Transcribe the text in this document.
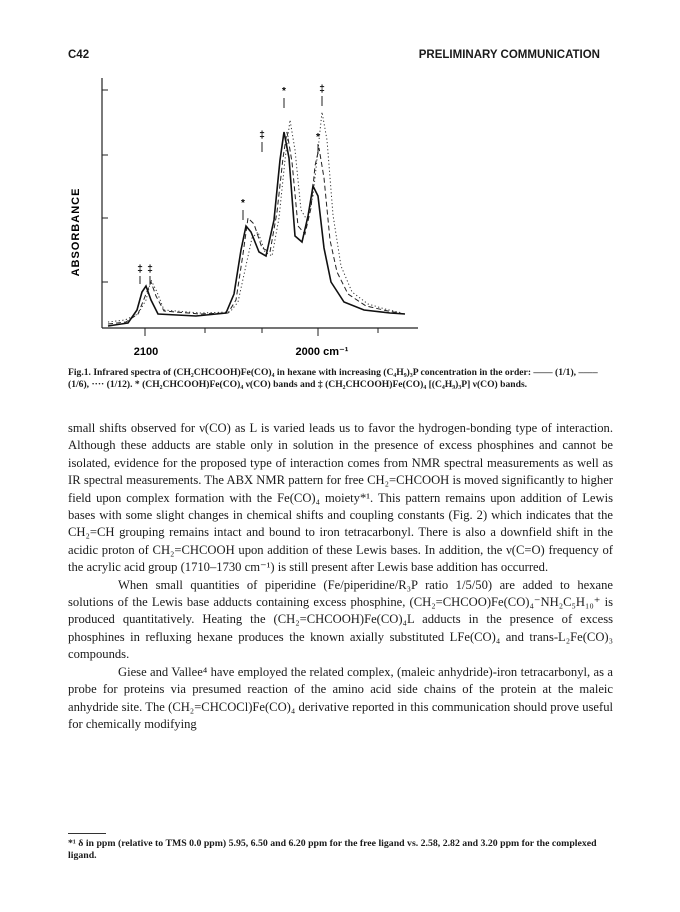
C42	PRELIMINARY COMMUNICATION
ABSORBANCE
2100	2000 cm⁻¹
*
*
*
‡ ‡
‡
‡
Fig.1. Infrared spectra of (CH₂CHCOOH)Fe(CO)₄ in hexane with increasing (C₄H₉)₃P concentration in the order: —— (1/1), –––– (1/6), ···· (1/12). * (CH₂CHCOOH)Fe(CO)₄ ν(CO) bands and ‡ (CH₂CHCOOH)Fe(CO)₄ [(C₄H₉)₃P] ν(CO) bands.

small shifts observed for ν(CO) as L is varied leads us to favor the hydrogen-bonding type of interaction. Although these adducts are stable only in solution in the presence of excess phosphines and cannot be isolated, evidence for the proposed type of interaction comes from NMR spectral measurements as well as IR spectral measurements. The ABX NMR pattern for free CH₂=CHCOOH is moved significantly to higher field upon complex formation with the Fe(CO)₄ moiety*¹. This pattern remains upon addition of Lewis bases with some slight changes in chemical shifts and coupling constants (Fig. 2) which indicates that the CH₂=CH grouping remains intact and bound to iron tetracarbonyl. There is also a downfield shift in the acidic proton of CH₂=CHCOOH upon addition of these Lewis bases. In addition, the ν(C=O) frequency of the acrylic acid group (1710–1730 cm⁻¹) is still present after Lewis base addition has occurred.

When small quantities of piperidine (Fe/piperidine/R₃P ratio 1/5/50) are added to hexane solutions of the Lewis base adducts containing excess phosphine, (CH₂=CHCOO)Fe(CO)₄⁻NH₂C₅H₁₀⁺ is produced quantitatively. Heating the (CH₂=CHCOOH)Fe(CO)₄L adducts in the presence of excess phosphines in refluxing hexane produces the known axially substituted LFe(CO)₄ and trans-L₂Fe(CO)₃ compounds.

Giese and Vallee⁴ have employed the related complex, (maleic anhydride)-iron tetracarbonyl, as a probe for proteins via presumed reaction of the amino acid side chains of the protein at the maleic anhydride site. The (CH₂=CHCOCl)Fe(CO)₄ derivative reported in this communication should prove useful for chemically modifying

*¹ δ in ppm (relative to TMS 0.0 ppm) 5.95, 6.50 and 6.20 ppm for the free ligand vs. 2.58, 2.82 and 3.20 ppm for the complexed ligand.
